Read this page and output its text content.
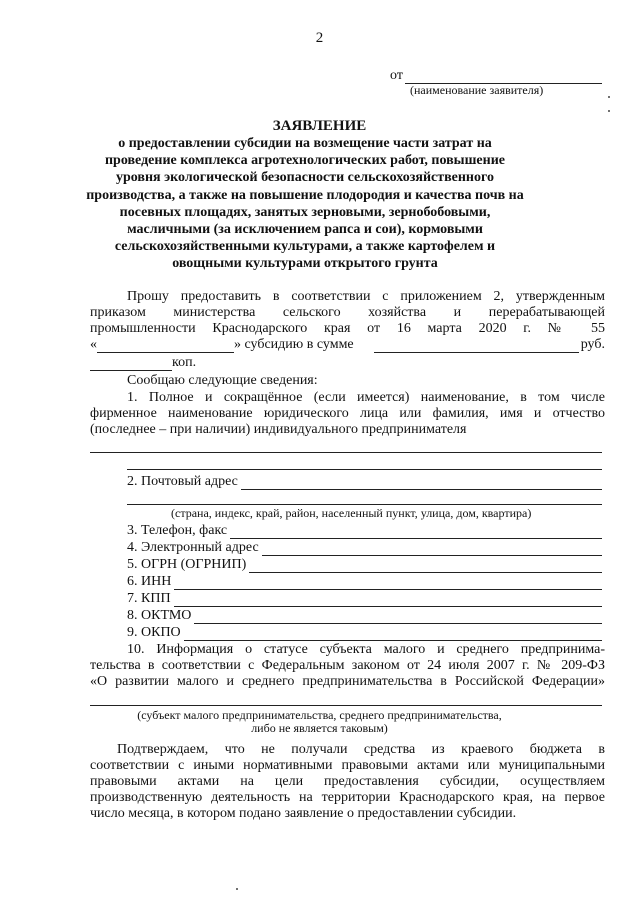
2
от
(наименование заявителя)
ЗАЯВЛЕНИЕ
о предоставлении субсидии на возмещение части затрат на проведение комплекса агротехнологических работ, повышение уровня экологической безопасности сельскохозяйственного производства, а также на повышение плодородия и качества почв на посевных площадях, занятых зерновыми, зернобобовыми, масличными (за исключением рапса и сои), кормовыми сельскохозяйственными культурами, а также картофелем и овощными культурами открытого грунта
Прошу предоставить в соответствии с приложением 2, утвержденным
приказом министерства сельского хозяйства и перерабатывающей
промышленности Краснодарского края от 16 марта 2020 г. № 55
«	» субсидию в сумме	руб.
коп.
Сообщаю следующие сведения:
1. Полное и сокращённое (если имеется) наименование, в том числе
фирменное наименование юридического лица или фамилия, имя и отчество
(последнее – при наличии) индивидуального предпринимателя
2. Почтовый адрес
(страна, индекс, край, район, населенный пункт, улица, дом, квартира)
3. Телефон, факс
4. Электронный адрес
5. ОГРН (ОГРНИП)
6. ИНН
7. КПП
8. ОКТМО
9. ОКПО
10. Информация о статусе субъекта малого и среднего предпринима-
тельства в соответствии с Федеральным законом от 24 июля 2007 г. № 209-ФЗ
«О развитии малого и среднего предпринимательства в Российской Федерации»
(субъект малого предпринимательства, среднего предпринимательства,
либо не является таковым)
Подтверждаем, что не получали средства из краевого бюджета в
соответствии с иными нормативными правовыми актами или муниципальными
правовыми актами на цели предоставления субсидии, осуществляем
производственную деятельность на территории Краснодарского края, на первое
число месяца, в котором подано заявление о предоставлении субсидии.
